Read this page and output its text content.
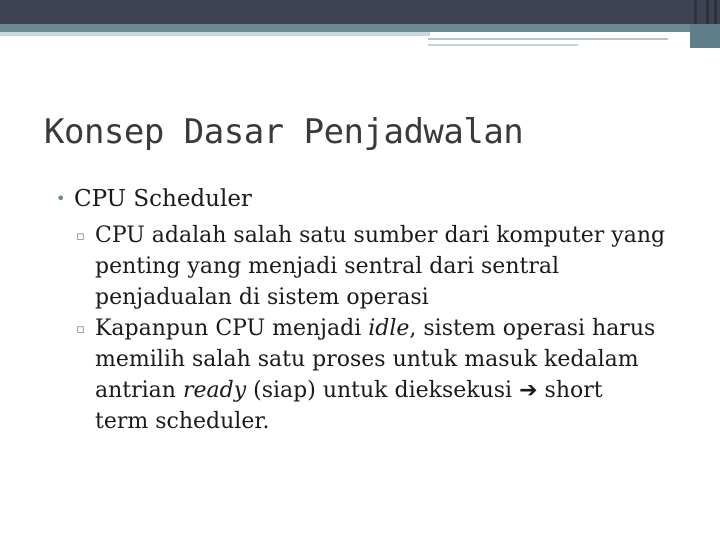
Konsep Dasar Penjadwalan
• CPU Scheduler
▫ CPU adalah salah satu sumber dari komputer yang
penting yang menjadi sentral dari sentral
penjadualan di sistem operasi
▫ Kapanpun CPU menjadi idle, sistem operasi harus
memilih salah satu proses untuk masuk kedalam
antrian ready (siap) untuk dieksekusi ➔ short
term scheduler.
